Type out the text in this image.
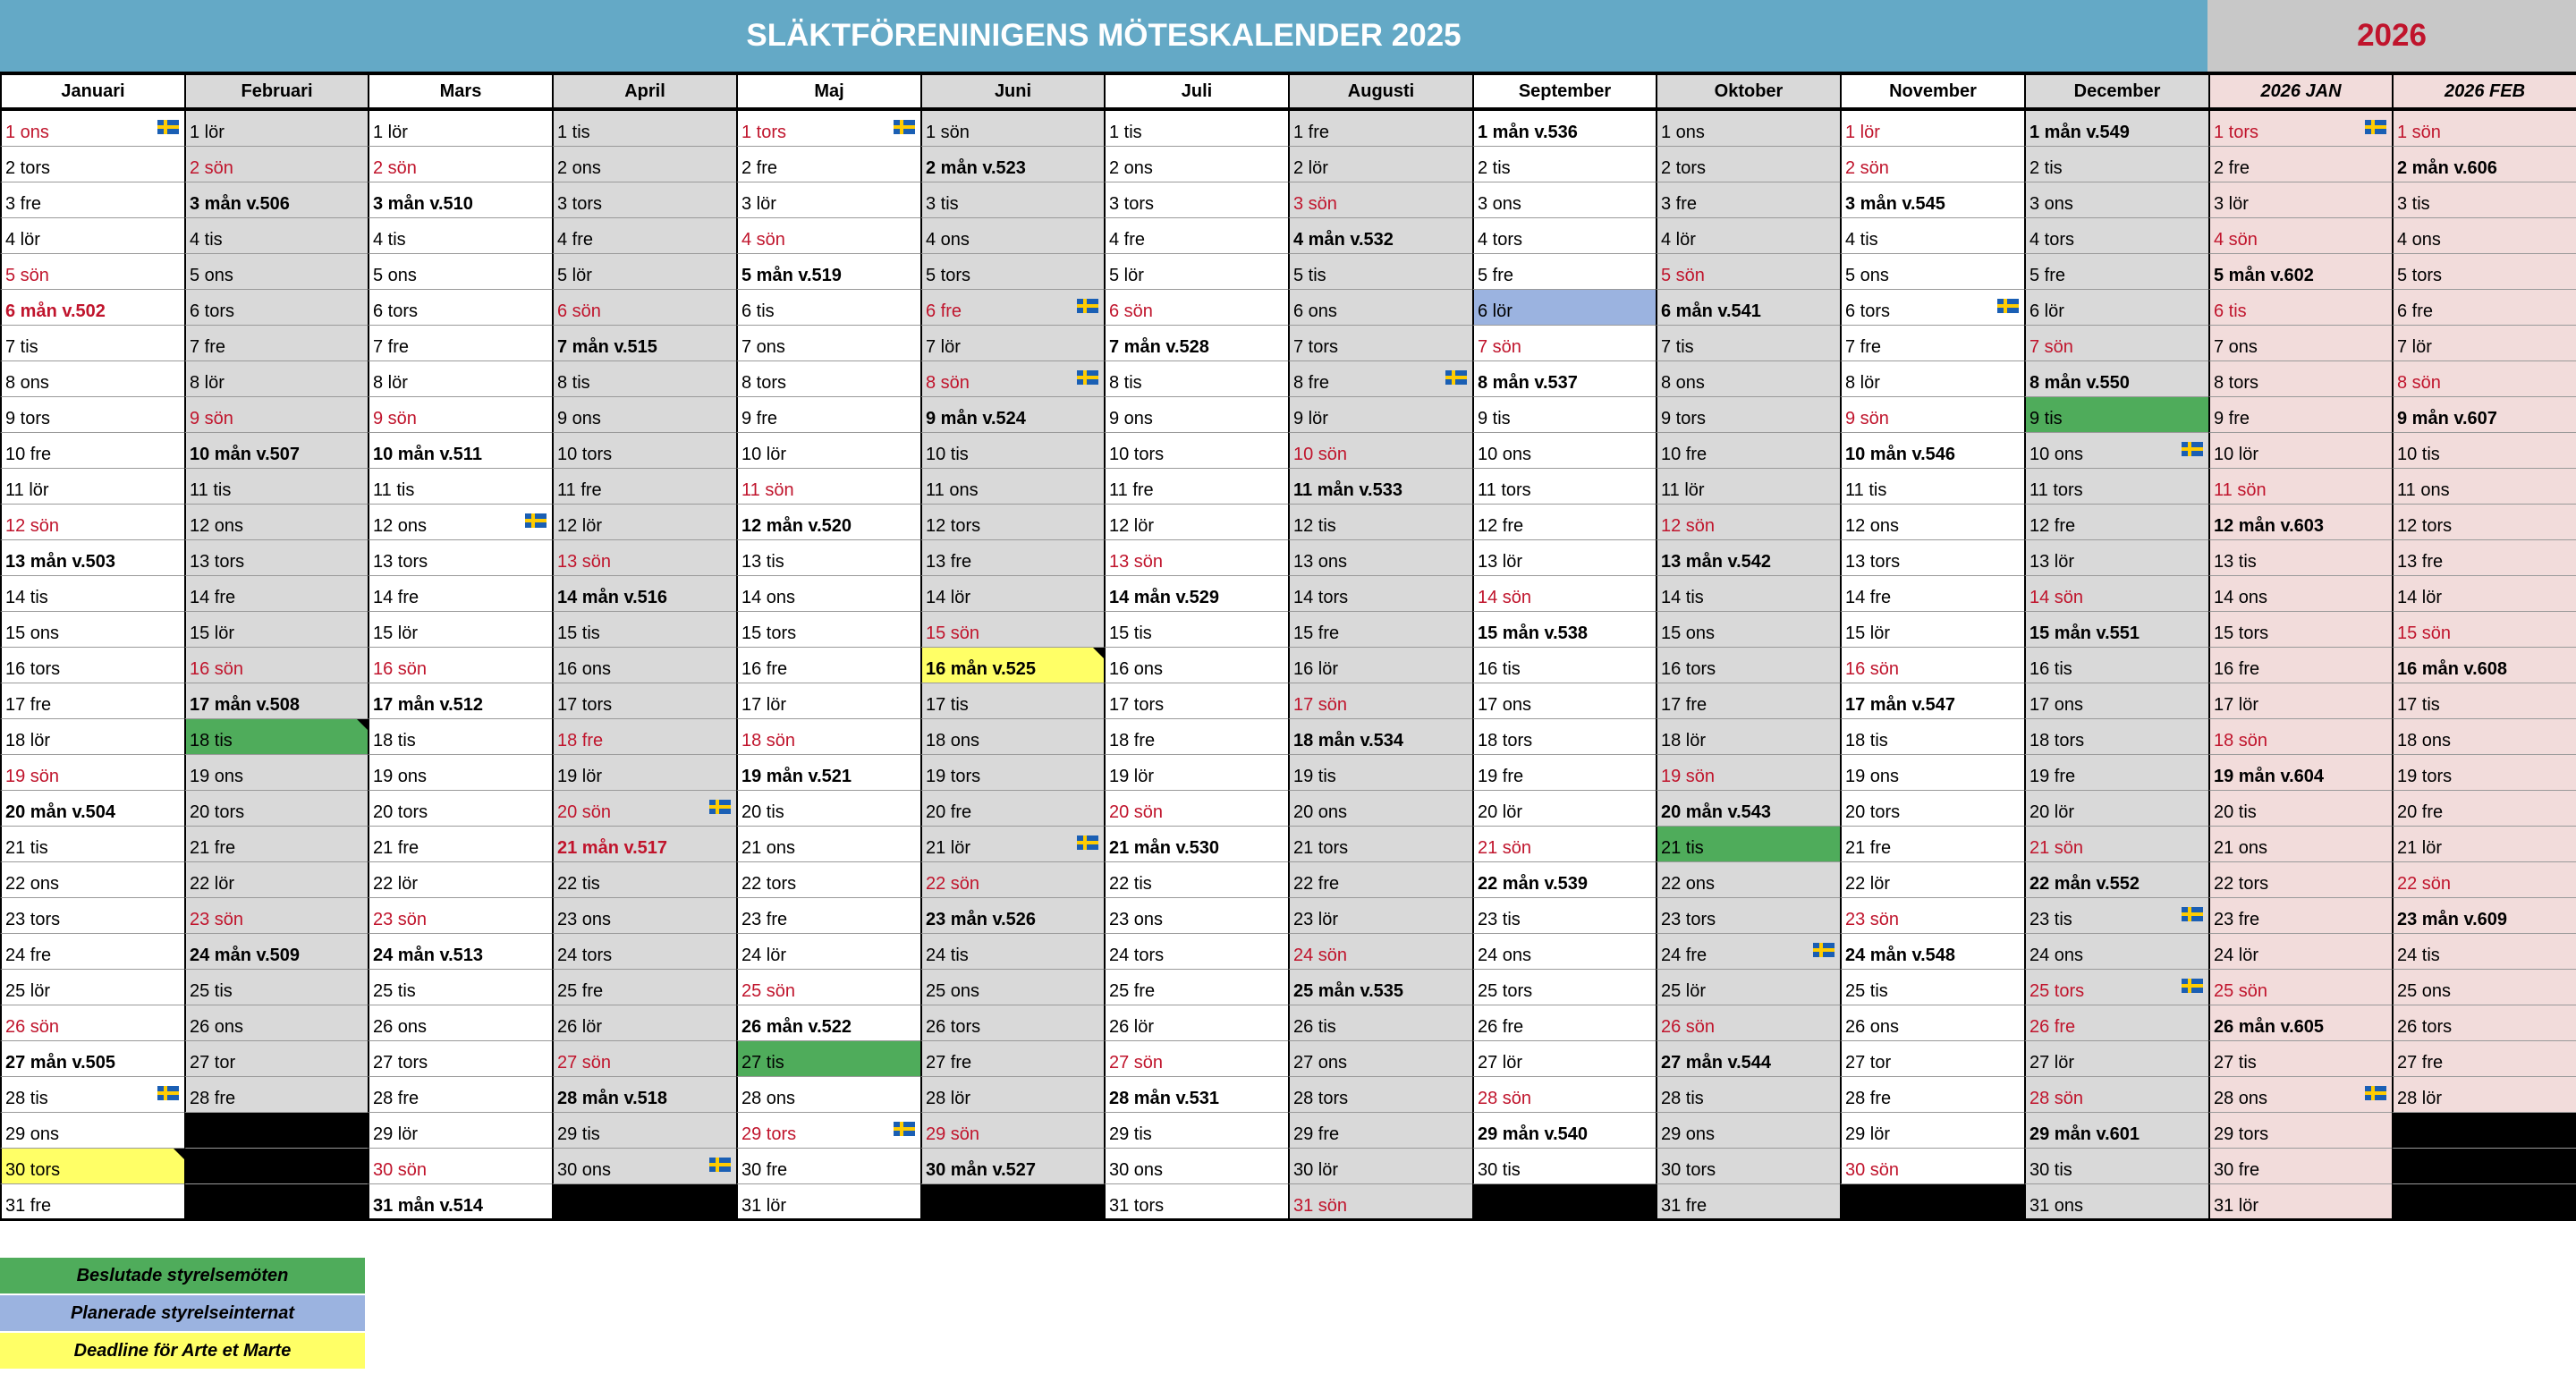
SLÄKTFÖRENINIGENS MÖTESKALENDER 2025	2026
Januari
1 ons
2 tors
3 fre
4 lör
5 sön
6 mån v.502
7 tis
8 ons
9 tors
10 fre
11 lör
12 sön
13 mån v.503
14 tis
15 ons
16 tors
17 fre
18 lör
19 sön
20 mån v.504
21 tis
22 ons
23 tors
24 fre
25 lör
26 sön
27 mån v.505
28 tis
29 ons
30 tors
31 fre
Februari
1 lör
2 sön
3 mån v.506
4 tis
5 ons
6 tors
7 fre
8 lör
9 sön
10 mån v.507
11 tis
12 ons
13 tors
14 fre
15 lör
16 sön
17 mån v.508
18 tis
19 ons
20 tors
21 fre
22 lör
23 sön
24 mån v.509
25 tis
26 ons
27 tor
28 fre
Mars
1 lör
2 sön
3 mån v.510
4 tis
5 ons
6 tors
7 fre
8 lör
9 sön
10 mån v.511
11 tis
12 ons
13 tors
14 fre
15 lör
16 sön
17 mån v.512
18 tis
19 ons
20 tors
21 fre
22 lör
23 sön
24 mån v.513
25 tis
26 ons
27 tors
28 fre
29 lör
30 sön
31 mån v.514
April
1 tis
2 ons
3 tors
4 fre
5 lör
6 sön
7 mån v.515
8 tis
9 ons
10 tors
11 fre
12 lör
13 sön
14 mån v.516
15 tis
16 ons
17 tors
18 fre
19 lör
20 sön
21 mån v.517
22 tis
23 ons
24 tors
25 fre
26 lör
27 sön
28 mån v.518
29 tis
30 ons
Maj
1 tors
2 fre
3 lör
4 sön
5 mån v.519
6 tis
7 ons
8 tors
9 fre
10 lör
11 sön
12 mån v.520
13 tis
14 ons
15 tors
16 fre
17 lör
18 sön
19 mån v.521
20 tis
21 ons
22 tors
23 fre
24 lör
25 sön
26 mån v.522
27 tis
28 ons
29 tors
30 fre
31 lör
Juni
1 sön
2 mån v.523
3 tis
4 ons
5 tors
6 fre
7 lör
8 sön
9 mån v.524
10 tis
11 ons
12 tors
13 fre
14 lör
15 sön
16 mån v.525
17 tis
18 ons
19 tors
20 fre
21 lör
22 sön
23 mån v.526
24 tis
25 ons
26 tors
27 fre
28 lör
29 sön
30 mån v.527
Juli
1 tis
2 ons
3 tors
4 fre
5 lör
6 sön
7 mån v.528
8 tis
9 ons
10 tors
11 fre
12 lör
13 sön
14 mån v.529
15 tis
16 ons
17 tors
18 fre
19 lör
20 sön
21 mån v.530
22 tis
23 ons
24 tors
25 fre
26 lör
27 sön
28 mån v.531
29 tis
30 ons
31 tors
Augusti
1 fre
2 lör
3 sön
4 mån v.532
5 tis
6 ons
7 tors
8 fre
9 lör
10 sön
11 mån v.533
12 tis
13 ons
14 tors
15 fre
16 lör
17 sön
18 mån v.534
19 tis
20 ons
21 tors
22 fre
23 lör
24 sön
25 mån v.535
26 tis
27 ons
28 tors
29 fre
30 lör
31 sön
September
1 mån v.536
2 tis
3 ons
4 tors
5 fre
6 lör
7 sön
8 mån v.537
9 tis
10 ons
11 tors
12 fre
13 lör
14 sön
15 mån v.538
16 tis
17 ons
18 tors
19 fre
20 lör
21 sön
22 mån v.539
23 tis
24 ons
25 tors
26 fre
27 lör
28 sön
29 mån v.540
30 tis
Oktober
1 ons
2 tors
3 fre
4 lör
5 sön
6 mån v.541
7 tis
8 ons
9 tors
10 fre
11 lör
12 sön
13 mån v.542
14 tis
15 ons
16 tors
17 fre
18 lör
19 sön
20 mån v.543
21 tis
22 ons
23 tors
24 fre
25 lör
26 sön
27 mån v.544
28 tis
29 ons
30 tors
31 fre
November
1 lör
2 sön
3 mån v.545
4 tis
5 ons
6 tors
7 fre
8 lör
9 sön
10 mån v.546
11 tis
12 ons
13 tors
14 fre
15 lör
16 sön
17 mån v.547
18 tis
19 ons
20 tors
21 fre
22 lör
23 sön
24 mån v.548
25 tis
26 ons
27 tor
28 fre
29 lör
30 sön
December
1 mån v.549
2 tis
3 ons
4 tors
5 fre
6 lör
7 sön
8 mån v.550
9 tis
10 ons
11 tors
12 fre
13 lör
14 sön
15 mån v.551
16 tis
17 ons
18 tors
19 fre
20 lör
21 sön
22 mån v.552
23 tis
24 ons
25 tors
26 fre
27 lör
28 sön
29 mån v.601
30 tis
31 ons
2026 JAN
1 tors
2 fre
3 lör
4 sön
5 mån v.602
6 tis
7 ons
8 tors
9 fre
10 lör
11 sön
12 mån v.603
13 tis
14 ons
15 tors
16 fre
17 lör
18 sön
19 mån v.604
20 tis
21 ons
22 tors
23 fre
24 lör
25 sön
26 mån v.605
27 tis
28 ons
29 tors
30 fre
31 lör
2026 FEB
1 sön
2 mån v.606
3 tis
4 ons
5 tors
6 fre
7 lör
8 sön
9 mån v.607
10 tis
11 ons
12 tors
13 fre
14 lör
15 sön
16 mån v.608
17 tis
18 ons
19 tors
20 fre
21 lör
22 sön
23 mån v.609
24 tis
25 ons
26 tors
27 fre
28 lör
Beslutade styrelsemöten
Planerade styrelseinternat
Deadline för Arte et Marte
